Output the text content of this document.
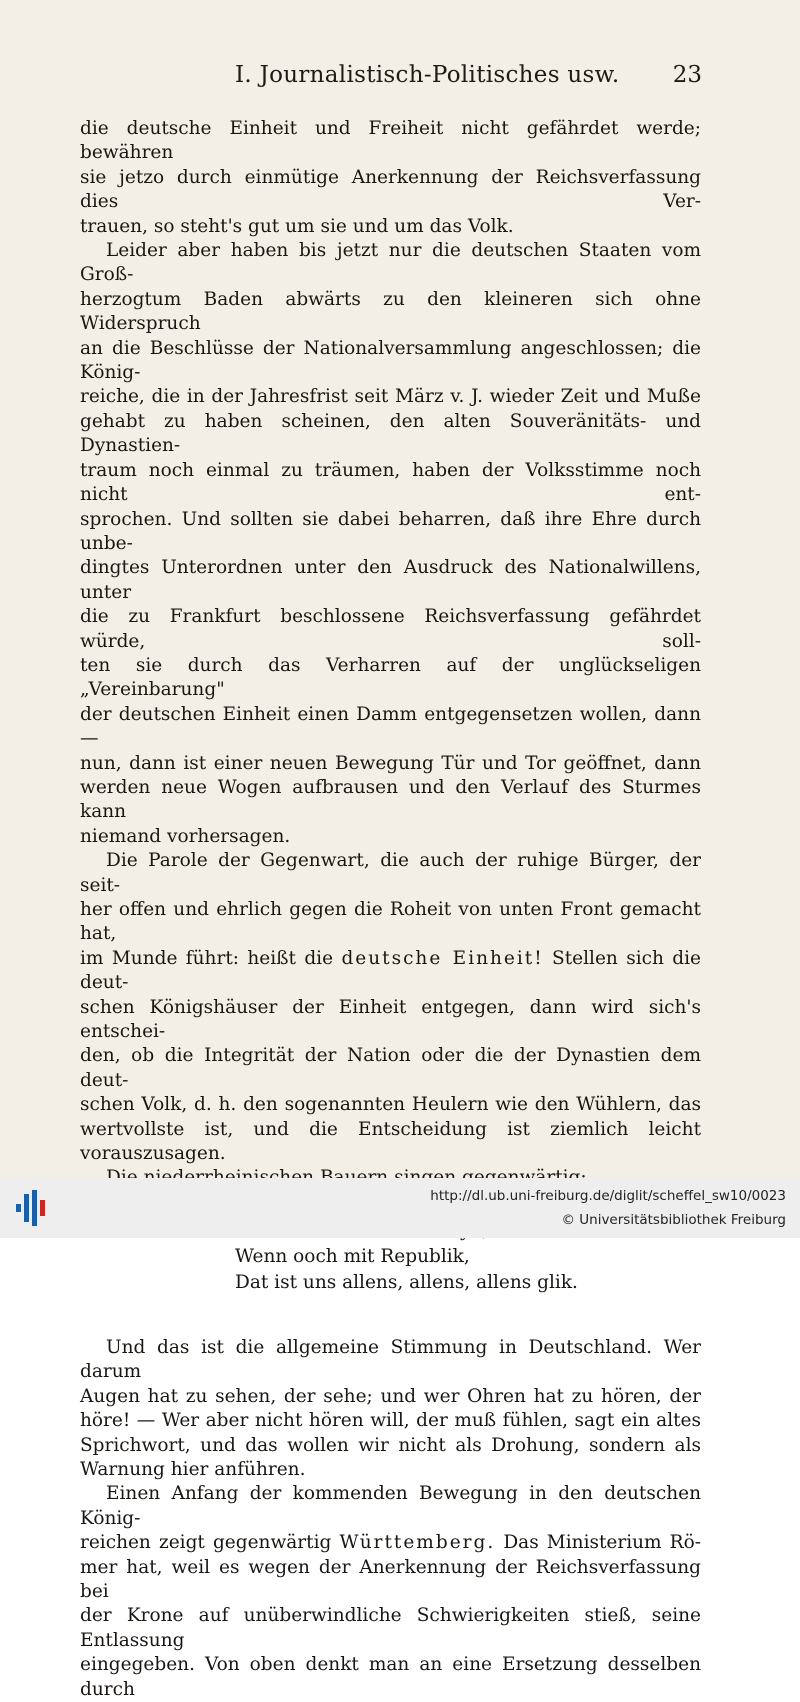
I. Journalistisch-Politisches usw. 23

die deutsche Einheit und Freiheit nicht gefährdet werde; bewähren

sie jetzo durch einmütige Anerkennung der Reichsverfassung dies Ver-

trauen, so steht's gut um sie und um das Volk.

Leider aber haben bis jetzt nur die deutschen Staaten vom Groß-

herzogtum Baden abwärts zu den kleineren sich ohne Widerspruch

an die Beschlüsse der Nationalversammlung angeschlossen; die König-

reiche, die in der Jahresfrist seit März v. J. wieder Zeit und Muße

gehabt zu haben scheinen, den alten Souveränitäts- und Dynastien-

traum noch einmal zu träumen, haben der Volksstimme noch nicht ent-

sprochen. Und sollten sie dabei beharren, daß ihre Ehre durch unbe-

dingtes Unterordnen unter den Ausdruck des Nationalwillens, unter

die zu Frankfurt beschlossene Reichsverfassung gefährdet würde, soll-

ten sie durch das Verharren auf der unglückseligen „Vereinbarung"

der deutschen Einheit einen Damm entgegensetzen wollen, dann —

nun, dann ist einer neuen Bewegung Tür und Tor geöffnet, dann

werden neue Wogen aufbrausen und den Verlauf des Sturmes kann

niemand vorhersagen.

Die Parole der Gegenwart, die auch der ruhige Bürger, der seit-

her offen und ehrlich gegen die Roheit von unten Front gemacht hat,

im Munde führt: heißt die deutsche Einheit! Stellen sich die deut-

schen Königshäuser der Einheit entgegen, dann wird sich's entschei-

den, ob die Integrität der Nation oder die der Dynastien dem deut-

schen Volk, d. h. den sogenannten Heulern wie den Wühlern, das

wertvollste ist, und die Entscheidung ist ziemlich leicht vorauszusagen.

Wenn ooch mit Republik,
Dat ist uns allens, allens, allens glik.

Und das ist die allgemeine Stimmung in Deutschland. Wer darum

Augen hat zu sehen, der sehe; und wer Ohren hat zu hören, der

höre! — Wer aber nicht hören will, der muß fühlen, sagt ein altes

Sprichwort, und das wollen wir nicht als Drohung, sondern als

Warnung hier anführen.

Einen Anfang der kommenden Bewegung in den deutschen König-

reichen zeigt gegenwärtig Württemberg. Das Ministerium Rö-

mer hat, weil es wegen der Anerkennung der Reichsverfassung bei

der Krone auf unüberwindliche Schwierigkeiten stieß, seine Entlassung

eingegeben. Von oben denkt man an eine Ersetzung desselben durch

http://dl.ub.uni-freiburg.de/diglit/scheffel_sw10/0023
© Universitätsbibliothek Freiburg
